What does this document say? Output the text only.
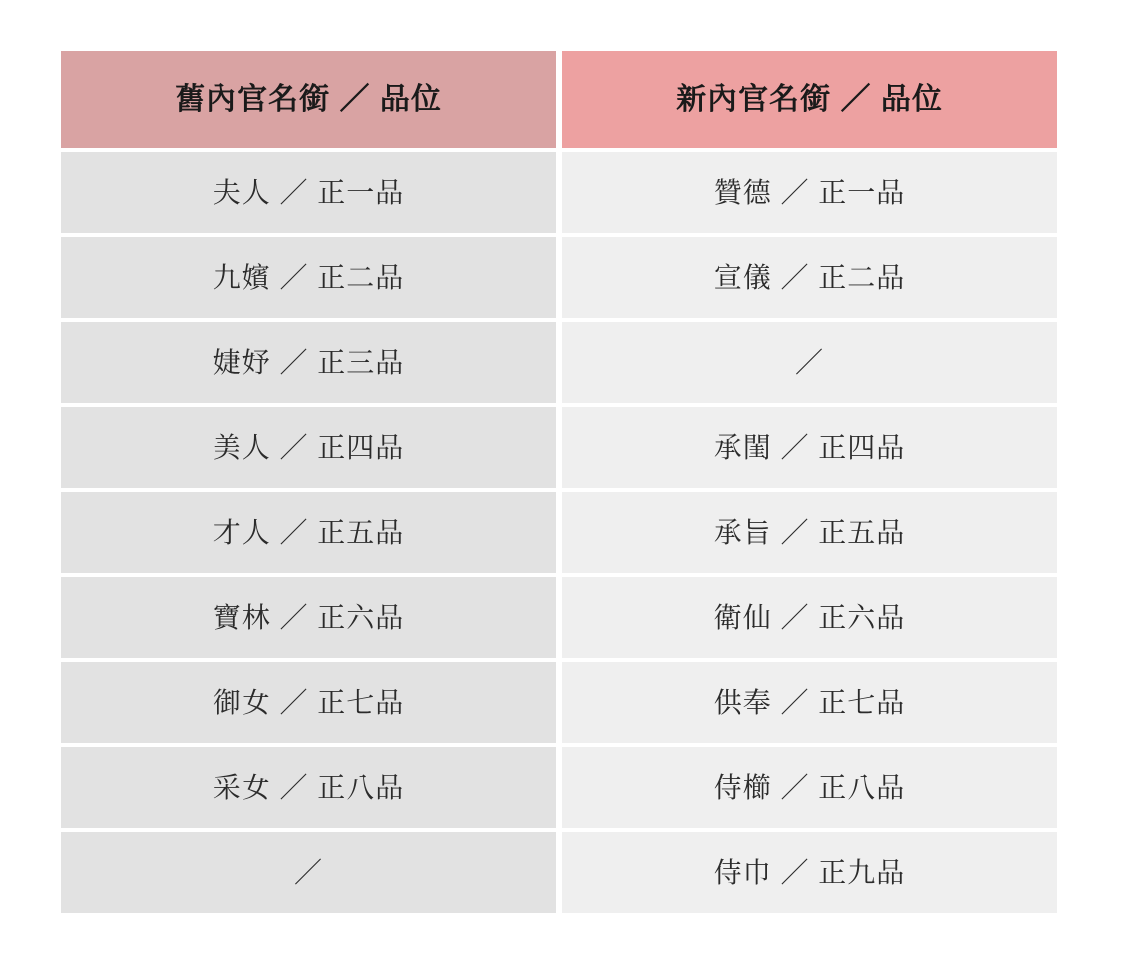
舊內官名銜 ／ 品位	新內官名銜 ／ 品位

夫人 ／ 正一品	贊德 ／ 正一品

九嬪 ／ 正二品	宣儀 ／ 正二品

婕妤 ／ 正三品	／

美人 ／ 正四品	承閨 ／ 正四品

才人 ／ 正五品	承旨 ／ 正五品

寶林 ／ 正六品	衛仙 ／ 正六品

御女 ／ 正七品	供奉 ／ 正七品

采女 ／ 正八品	侍櫛 ／ 正八品

／	侍巾 ／ 正九品
